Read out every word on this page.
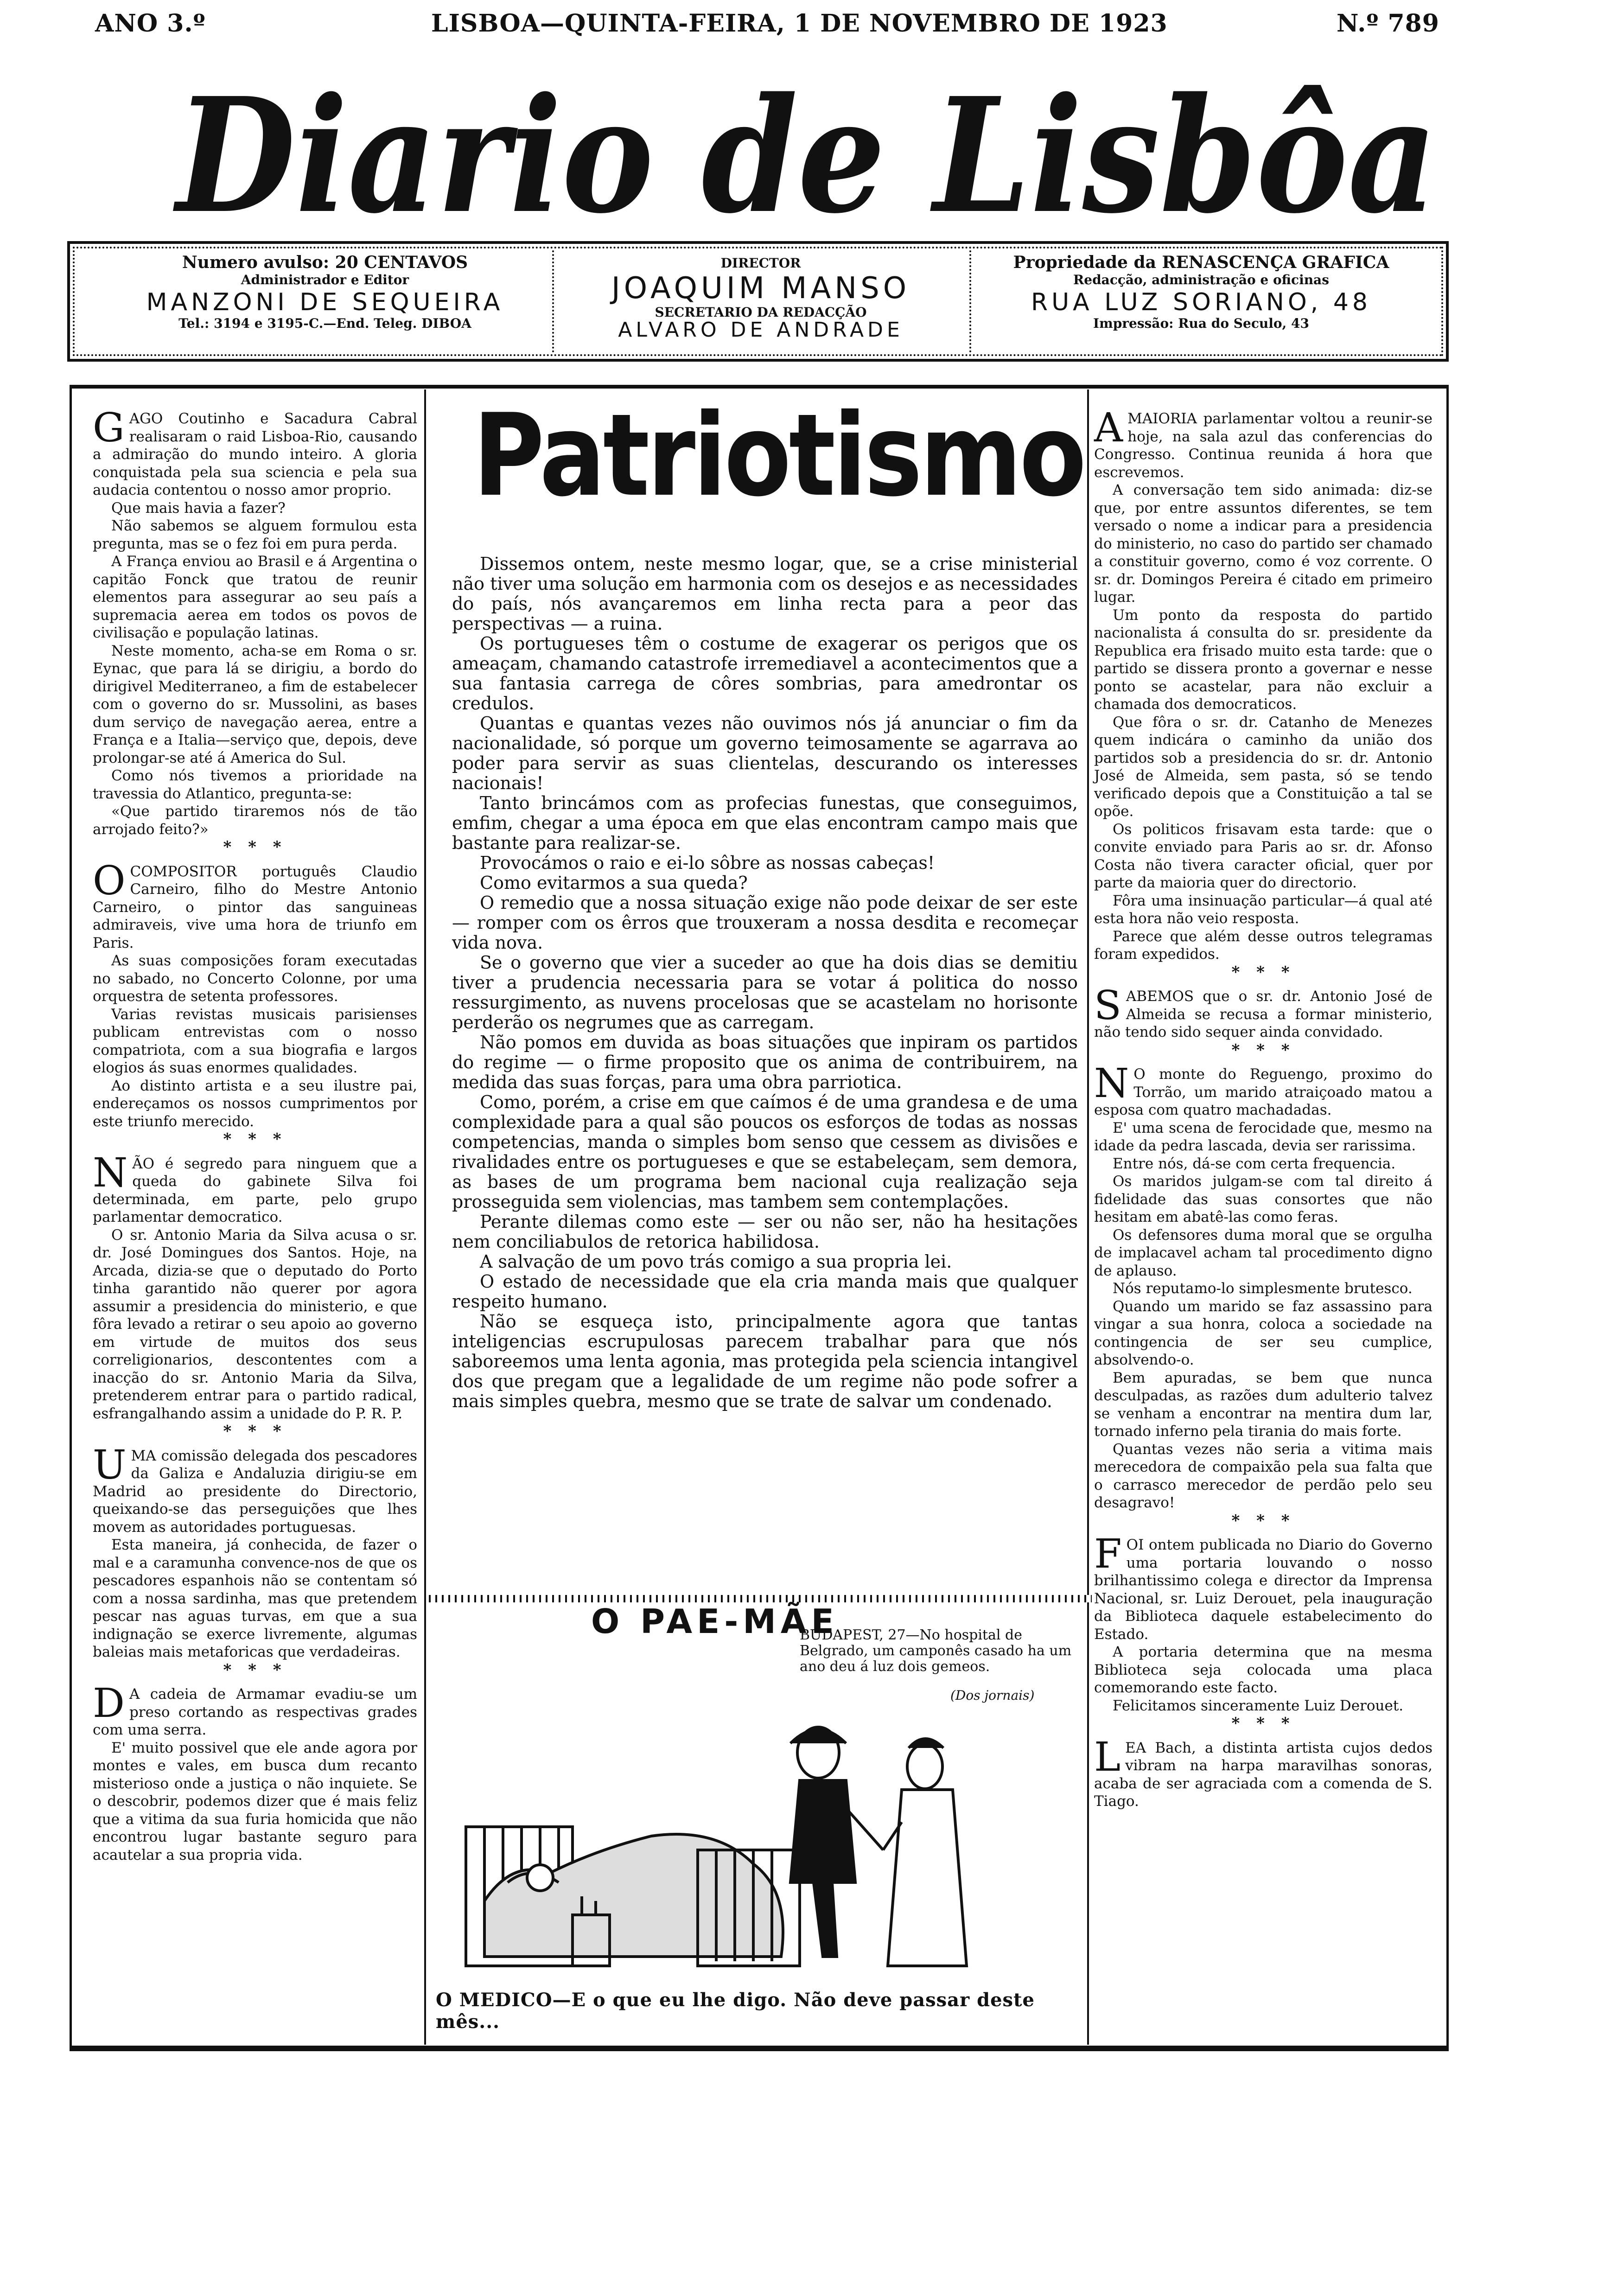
ANO 3.º	LISBOA—QUINTA-FEIRA, 1 DE NOVEMBRO DE 1923	N.º 789
Diario de Lisbôa
Numero avulso: 20 CENTAVOS
Administrador e Editor
MANZONI DE SEQUEIRA
Tel.: 3194 e 3195-C.—End. Teleg. DIBOA
DIRECTOR
JOAQUIM MANSO
SECRETARIO DA REDACÇÃO
ALVARO DE ANDRADE
Propriedade da RENASCENÇA GRAFICA
Redacção, administração e oficinas
RUA LUZ SORIANO, 48
Impressão: Rua do Seculo, 43

GAGO Coutinho e Sacadura Cabral realisaram o raid Lisboa-Rio, causando a admiração do mundo inteiro. A gloria conquistada pela sua sciencia e pela sua audacia contentou o nosso amor proprio.

Que mais havia a fazer?

Não sabemos se alguem formulou esta pregunta, mas se o fez foi em pura perda.

A França enviou ao Brasil e á Argentina o capitão Fonck que tratou de reunir elementos para assegurar ao seu país a supremacia aerea em todos os povos de civilisação e população latinas.

Neste momento, acha-se em Roma o sr. Eynac, que para lá se dirigiu, a bordo do dirigivel Mediterraneo, a fim de estabelecer com o governo do sr. Mussolini, as bases dum serviço de navegação aerea, entre a França e a Italia—serviço que, depois, deve prolongar-se até á America do Sul.

Como nós tivemos a prioridade na travessia do Atlantico, pregunta-se:

«Que partido tiraremos nós de tão arrojado feito?»

* * *

OCOMPOSITOR português Claudio Carneiro, filho do Mestre Antonio Carneiro, o pintor das sanguineas admiraveis, vive uma hora de triunfo em Paris.

As suas composições foram executadas no sabado, no Concerto Colonne, por uma orquestra de setenta professores.

Varias revistas musicais parisienses publicam entrevistas com o nosso compatriota, com a sua biografia e largos elogios ás suas enormes qualidades.

Ao distinto artista e a seu ilustre pai, endereçamos os nossos cumprimentos por este triunfo merecido.

* * *

NÃO é segredo para ninguem que a queda do gabinete Silva foi determinada, em parte, pelo grupo parlamentar democratico.

O sr. Antonio Maria da Silva acusa o sr. dr. José Domingues dos Santos. Hoje, na Arcada, dizia-se que o deputado do Porto tinha garantido não querer por agora assumir a presidencia do ministerio, e que fôra levado a retirar o seu apoio ao governo em virtude de muitos dos seus correligionarios, descontentes com a inacção do sr. Antonio Maria da Silva, pretenderem entrar para o partido radical, esfrangalhando assim a unidade do P. R. P.

* * *

UMA comissão delegada dos pescadores da Galiza e Andaluzia dirigiu-se em Madrid ao presidente do Directorio, queixando-se das perseguições que lhes movem as autoridades portuguesas.

Esta maneira, já conhecida, de fazer o mal e a caramunha convence-nos de que os pescadores espanhois não se contentam só com a nossa sardinha, mas que pretendem pescar nas aguas turvas, em que a sua indignação se exerce livremente, algumas baleias mais metaforicas que verdadeiras.

* * *

D A cadeia de Armamar evadiu-se um preso cortando as respectivas grades com uma serra.

E' muito possivel que ele ande agora por montes e vales, em busca dum recanto misterioso onde a justiça o não inquiete. Se o descobrir, podemos dizer que é mais feliz que a vitima da sua furia homicida que não encontrou lugar bastante seguro para acautelar a sua propria vida.

Patriotismo

Dissemos ontem, neste mesmo logar, que, se a crise ministerial não tiver uma solução em harmonia com os desejos e as necessidades do país, nós avançaremos em linha recta para a peor das perspectivas — a ruina.

Os portugueses têm o costume de exagerar os perigos que os ameaçam, chamando catastrofe irremediavel a acontecimentos que a sua fantasia carrega de côres sombrias, para amedrontar os credulos.

Quantas e quantas vezes não ouvimos nós já anunciar o fim da nacionalidade, só porque um governo teimosamente se agarrava ao poder para servir as suas clientelas, descurando os interesses nacionais!

Tanto brincámos com as profecias funestas, que conseguimos, emfim, chegar a uma época em que elas encontram campo mais que bastante para realizar-se.

Provocámos o raio e ei-lo sôbre as nossas cabeças!

Como evitarmos a sua queda?

O remedio que a nossa situação exige não pode deixar de ser este — romper com os êrros que trouxeram a nossa desdita e recomeçar vida nova.

Se o governo que vier a suceder ao que ha dois dias se demitiu tiver a prudencia necessaria para se votar á politica do nosso ressurgimento, as nuvens procelosas que se acastelam no horisonte perderão os negrumes que as carregam.

Não pomos em duvida as boas situações que inpiram os partidos do regime — o firme proposito que os anima de contribuirem, na medida das suas forças, para uma obra parriotica.

Como, porém, a crise em que caímos é de uma grandesa e de uma complexidade para a qual são poucos os esforços de todas as nossas competencias, manda o simples bom senso que cessem as divisões e rivalidades entre os portugueses e que se estabeleçam, sem demora, as bases de um programa bem nacional cuja realização seja prosseguida sem violencias, mas tambem sem contemplações.

Perante dilemas como este — ser ou não ser, não ha hesitações nem conciliabulos de retorica habilidosa.

A salvação de um povo trás comigo a sua propria lei.

O estado de necessidade que ela cria manda mais que qualquer respeito humano.

Não se esqueça isto, principalmente agora que tantas inteligencias escrupulosas parecem trabalhar para que nós saboreemos uma lenta agonia, mas protegida pela sciencia intangivel dos que pregam que a legalidade de um regime não pode sofrer a mais simples quebra, mesmo que se trate de salvar um condenado.

O PAE-MÃE
BUDAPEST, 27—No hospital de Belgrado, um camponês casado ha um ano deu á luz dois gemeos.
(Dos jornais)
O MEDICO—E o que eu lhe digo. Não deve passar deste mês...

AMAIORIA parlamentar voltou a reunir-se hoje, na sala azul das conferencias do Congresso. Continua reunida á hora que escrevemos.

A conversação tem sido animada: diz-se que, por entre assuntos diferentes, se tem versado o nome a indicar para a presidencia do ministerio, no caso do partido ser chamado a constituir governo, como é voz corrente. O sr. dr. Domingos Pereira é citado em primeiro lugar.

Um ponto da resposta do partido nacionalista á consulta do sr. presidente da Republica era frisado muito esta tarde: que o partido se dissera pronto a governar e nesse ponto se acastelar, para não excluir a chamada dos democraticos.

Que fôra o sr. dr. Catanho de Menezes quem indicára o caminho da união dos partidos sob a presidencia do sr. dr. Antonio José de Almeida, sem pasta, só se tendo verificado depois que a Constituição a tal se opõe.

Os politicos frisavam esta tarde: que o convite enviado para Paris ao sr. dr. Afonso Costa não tivera caracter oficial, quer por parte da maioria quer do directorio.

Fôra uma insinuação particular—á qual até esta hora não veio resposta.

Parece que além desse outros telegramas foram expedidos.

* * *

SABEMOS que o sr. dr. Antonio José de Almeida se recusa a formar ministerio, não tendo sido sequer ainda convidado.

* * *

N O monte do Reguengo, proximo do Torrão, um marido atraiçoado matou a esposa com quatro machadadas.

E' uma scena de ferocidade que, mesmo na idade da pedra lascada, devia ser rarissima.

Entre nós, dá-se com certa frequencia.

Os maridos julgam-se com tal direito á fidelidade das suas consortes que não hesitam em abatê-las como feras.

Os defensores duma moral que se orgulha de implacavel acham tal procedimento digno de aplauso.

Nós reputamo-lo simplesmente brutesco.

Quando um marido se faz assassino para vingar a sua honra, coloca a sociedade na contingencia de ser seu cumplice, absolvendo-o.

Bem apuradas, se bem que nunca desculpadas, as razões dum adulterio talvez se venham a encontrar na mentira dum lar, tornado inferno pela tirania do mais forte.

Quantas vezes não seria a vitima mais merecedora de compaixão pela sua falta que o carrasco merecedor de perdão pelo seu desagravo!

* * *

FOI ontem publicada no Diario do Governo uma portaria louvando o nosso brilhantissimo colega e director da Imprensa Nacional, sr. Luiz Derouet, pela inauguração da Biblioteca daquele estabelecimento do Estado.

A portaria determina que na mesma Biblioteca seja colocada uma placa comemorando este facto.

Felicitamos sinceramente Luiz Derouet.

* * *

LEA Bach, a distinta artista cujos dedos vibram na harpa maravilhas sonoras, acaba de ser agraciada com a comenda de S. Tiago.
